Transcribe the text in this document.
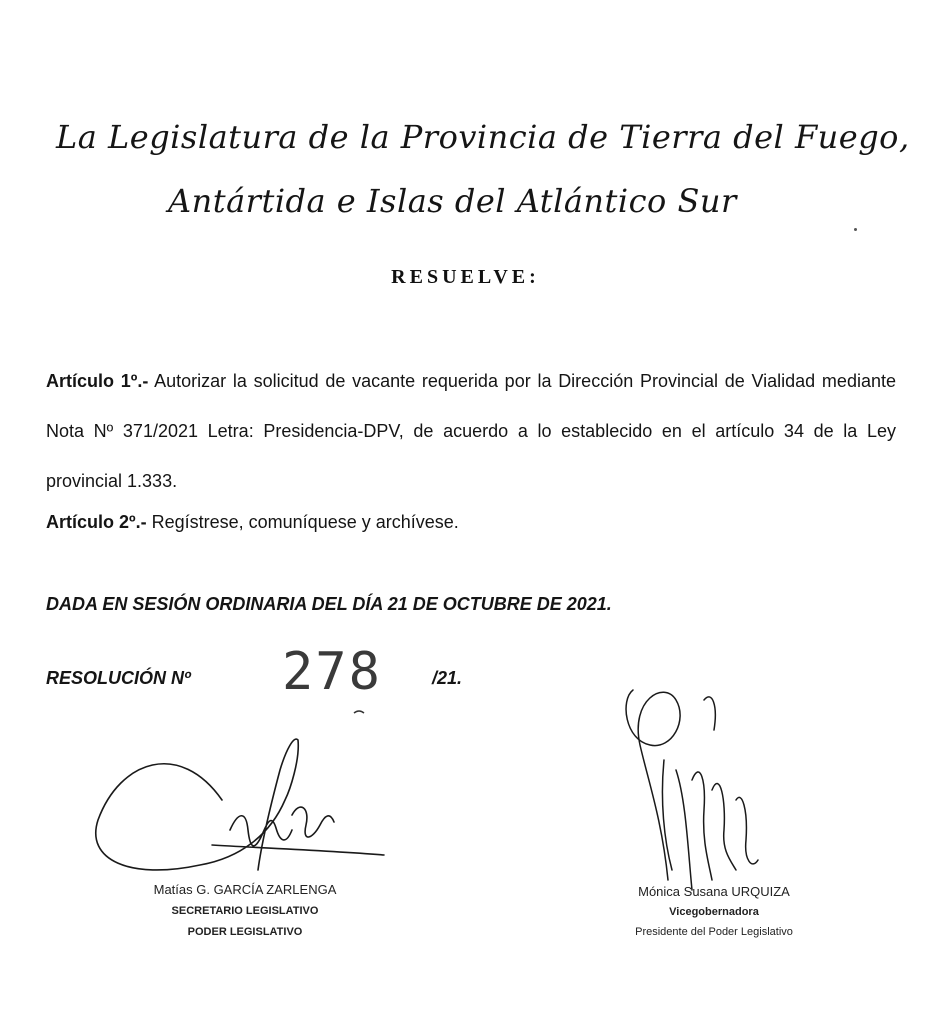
La Legislatura de la Provincia de Tierra del Fuego,
Antártida e Islas del Atlántico Sur
RESUELVE:
Artículo 1º.- Autorizar la solicitud de vacante requerida por la Dirección Provincial de Vialidad mediante Nota Nº 371/2021 Letra: Presidencia-DPV, de acuerdo a lo establecido en el artículo 34 de la Ley provincial 1.333.
Artículo 2º.- Regístrese, comuníquese y archívese.
DADA EN SESIÓN ORDINARIA DEL DÍA 21 DE OCTUBRE DE 2021.
RESOLUCIÓN Nº 278	/21.
Matías G. GARCÍA ZARLENGA
SECRETARIO LEGISLATIVO
PODER LEGISLATIVO
Mónica Susana URQUIZA
Vicegobernadora
Presidente del Poder Legislativo
